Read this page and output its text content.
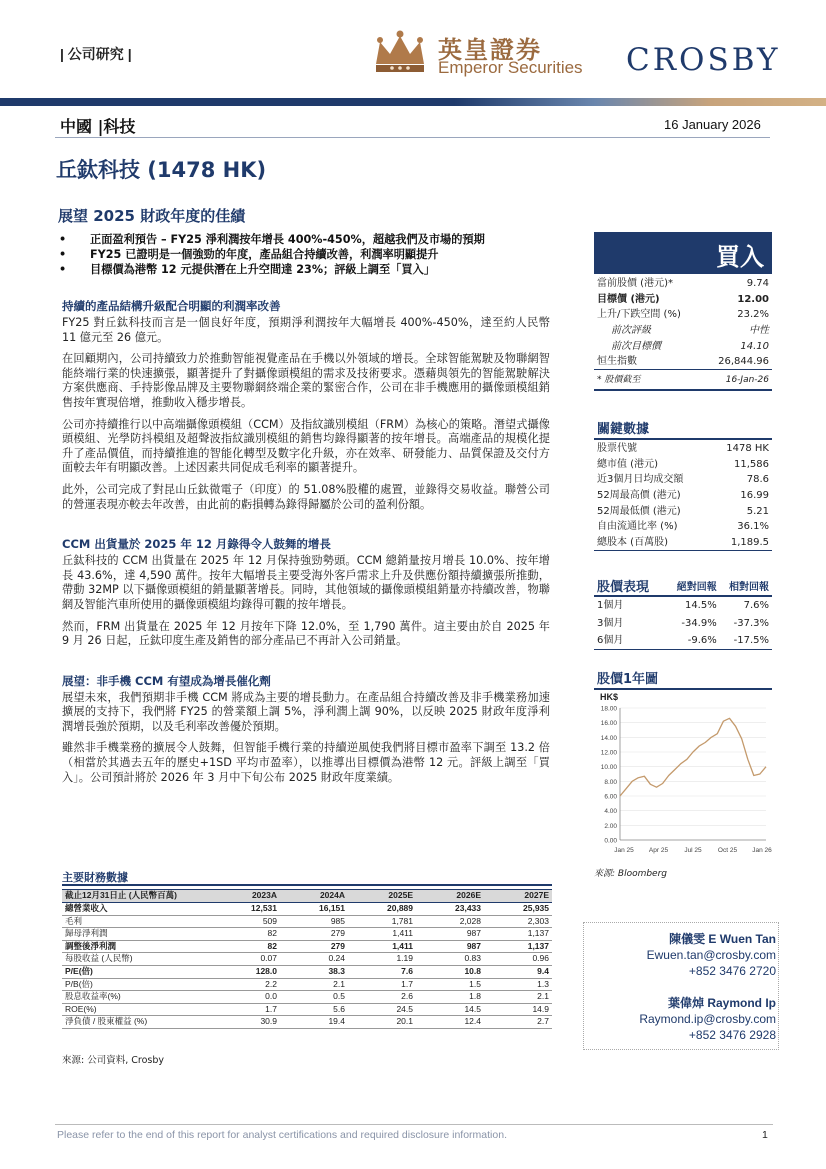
| 公司研究 |	英皇證券
Emperor Securities CROSBY
中國 |科技	16 January 2026
丘鈦科技 (1478 HK)
展望 2025 財政年度的佳績
• 正面盈利預告 – FY25 淨利潤按年增長 400%-450%，超越我們及市場的預期
• FY25 已證明是一個強勁的年度，產品組合持續改善，利潤率明顯提升
• 目標價為港幣 12 元提供潛在上升空間達 23%；評級上調至「買入」
持續的產品結構升級配合明顯的利潤率改善

FY25 對丘鈦科技而言是一個良好年度，預期淨利潤按年大幅增長 400%-450%，達至約人民幣 11 億元至 26 億元。

在回顧期內，公司持續致力於推動智能視覺產品在手機以外領域的增長。全球智能駕駛及物聯網智能終端行業的快速擴張，顯著提升了對攝像頭模組的需求及技術要求。憑藉與領先的智能駕駛解決方案供應商、手持影像品牌及主要物聯網終端企業的緊密合作，公司在非手機應用的攝像頭模組銷售按年實現倍增，推動收入穩步增長。

公司亦持續推行以中高端攝像頭模組（CCM）及指紋識別模組（FRM）為核心的策略。潛望式攝像頭模組、光學防抖模組及超聲波指紋識別模組的銷售均錄得顯著的按年增長。高端產品的規模化提升了產品價值，而持續推進的智能化轉型及數字化升級，亦在效率、研發能力、品質保證及交付方面較去年有明顯改善。上述因素共同促成毛利率的顯著提升。

此外，公司完成了對昆山丘鈦微電子（印度）的 51.08%股權的處置，並錄得交易收益。聯營公司的營運表現亦較去年改善，由此前的虧損轉為錄得歸屬於公司的盈利份額。

CCM 出貨量於 2025 年 12 月錄得令人鼓舞的增長

丘鈦科技的 CCM 出貨量在 2025 年 12 月保持強勁勢頭。CCM 總銷量按月增長 10.0%、按年增長 43.6%，達 4,590 萬件。按年大幅增長主要受海外客戶需求上升及供應份額持續擴張所推動，帶動 32MP 以下攝像頭模組的銷量顯著增長。同時，其他領域的攝像頭模組銷量亦持續改善，物聯網及智能汽車所使用的攝像頭模組均錄得可觀的按年增長。

然而，FRM 出貨量在 2025 年 12 月按年下降 12.0%，至 1,790 萬件。這主要由於自 2025 年 9 月 26 日起，丘鈦印度生產及銷售的部分產品已不再計入公司銷量。

展望：非手機 CCM 有望成為增長催化劑

展望未來，我們預期非手機 CCM 將成為主要的增長動力。在產品組合持續改善及非手機業務加速擴展的支持下，我們將 FY25 的營業額上調 5%，淨利潤上調 90%，以反映 2025 財政年度淨利潤增長強於預期，以及毛利率改善優於預期。

雖然非手機業務的擴展令人鼓舞，但智能手機行業的持續逆風使我們將目標市盈率下調至 13.2 倍（相當於其過去五年的歷史+1SD 平均市盈率），以推導出目標價為港幣 12 元。評級上調至「買入」。公司預計將於 2026 年 3 月中下旬公布 2025 財政年度業績。

主要財務數據
截止12月31日止 (人民幣百萬)	2023A	2024A	2025E	2026E	2027E
總營業收入	12,531	16,151	20,889	23,433	25,935
毛利	509	985	1,781	2,028	2,303
歸母淨利潤	82	279	1,411	987	1,137
調整後淨利潤	82	279	1,411	987	1,137
每股收益 (人民幣)	0.07	0.24	1.19	0.83	0.96
P/E(倍)	128.0	38.3	7.6	10.8	9.4
P/B(倍)	2.2	2.1	1.7	1.5	1.3
股息收益率(%)	0.0	0.5	2.6	1.8	2.1
ROE(%)	1.7	5.6	24.5	14.5	14.9
淨負債 / 股東權益 (%)	30.9	19.4	20.1	12.4	2.7
來源: 公司資料, Crosby
買入
當前股價 (港元)*	9.74
目標價 (港元)	12.00
上升/下跌空間 (%)	23.2%
前次評級	中性
前次目標價	14.10
恒生指數	26,844.96
* 股價截至	16-Jan-26
關鍵數據
股票代號	1478 HK
總市值 (港元)	11,586
近3個月日均成交額	78.6
52周最高價 (港元)	16.99
52周最低價 (港元)	5.21
自由流通比率 (%)	36.1%
總股本 (百萬股)	1,189.5
股價表現	絕對回報	相對回報
1個月	14.5%	7.6%
3個月	-34.9%	-37.3%
6個月	-9.6%	-17.5%
股價1年圖
HK$
0.00
2.00
4.00
6.00
8.00
10.00
12.00
14.00
16.00
18.00
Jan 25 Apr 25 Jul 25 Oct 25 Jan 26
來源: Bloomberg
陳儀雯 E Wuen Tan
Ewuen.tan@crosby.com
+852 3476 2720
葉偉焯 Raymond Ip
Raymond.ip@crosby.com
+852 3476 2928
Please refer to the end of this report for analyst certifications and required disclosure information.	1
